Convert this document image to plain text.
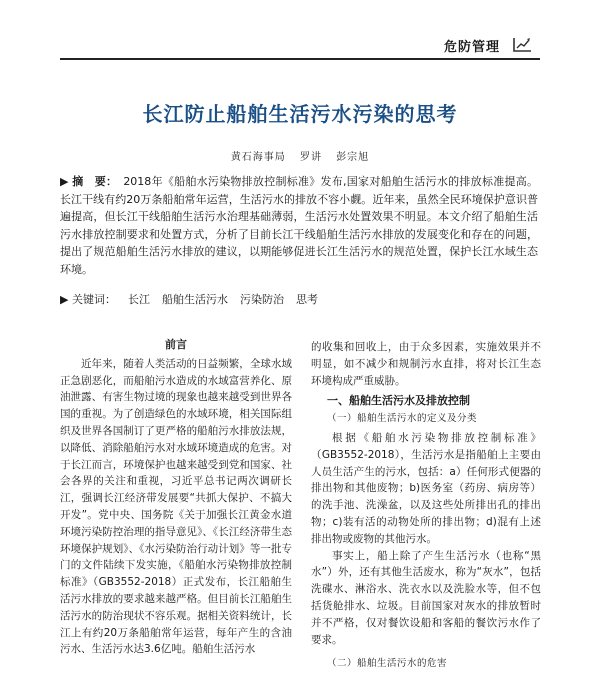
危防管理
长江防止船舶生活污水污染的思考
黄石海事局 罗讲 彭宗旭
▶ 摘　要： 2018年《船舶水污染物排放控制标准》发布,国家对船舶生活污水的排放标准提高。长江干线有约20万条船舶常年运营，生活污水的排放不容小觑。近年来，虽然全民环境保护意识普遍提高，但长江干线船舶生活污水治理基础薄弱，生活污水处置效果不明显。本文介绍了船舶生活污水排放控制要求和处置方式，分析了目前长江干线船舶生活污水排放的发展变化和存在的问题，提出了规范船舶生活污水排放的建议，以期能够促进长江生活污水的规范处置，保护长江水域生态环境。
▶ 关键词： 长江 船舶生活污水 污染防治 思考
前言

近年来，随着人类活动的日益频繁，全球水域正急剧恶化，而船舶污水造成的水域富营养化、原油泄露、有害生物过境的现象也越来越受到世界各国的重视。为了创造绿色的水域环境，相关国际组织及世界各国制订了更严格的船舶污水排放法规，以降低、消除船舶污水对水域环境造成的危害。对于长江而言，环境保护也越来越受到党和国家、社会各界的关注和重视，习近平总书记两次调研长江，强调长江经济带发展要“共抓大保护、不搞大开发”。党中央、国务院《关于加强长江黄金水道环境污染防控治理的指导意见》、《长江经济带生态环境保护规划》、《水污染防治行动计划》等一批专门的文件陆续下发实施，《船舶水污染物排放控制标准》（GB3552-2018）正式发布，长江船舶生活污水排放的要求越来越严格。但目前长江船舶生活污水的防治现状不容乐观。据相关资料统计，长江上有约20万条船舶常年运营，每年产生的含油污水、生活污水达3.6亿吨。船舶生活污水

的收集和回收上，由于众多因素，实施效果并不明显，如不减少和规制污水直排，将对长江生态环境构成严重威胁。

一、船舶生活污水及排放控制
（一）船舶生活污水的定义及分类

根据《船舶水污染物排放控制标准》（GB3552-2018），生活污水是指船舶上主要由人员生活产生的污水，包括：a）任何形式便器的排出物和其他废物；b)医务室（药房、病房等）的洗手池、洗澡盆，以及这些处所排出孔的排出物；c)装有活的动物处所的排出物；d)混有上述排出物或废物的其他污水。

事实上，船上除了产生生活污水（也称“黑水”）外，还有其他生活废水，称为“灰水”，包括洗碟水、淋浴水、洗衣水以及洗脸水等，但不包括货舱排水、垃圾。目前国家对灰水的排放暂时并不严格，仅对餐饮设船和客船的餐饮污水作了要求。

（二）船舶生活污水的危害
